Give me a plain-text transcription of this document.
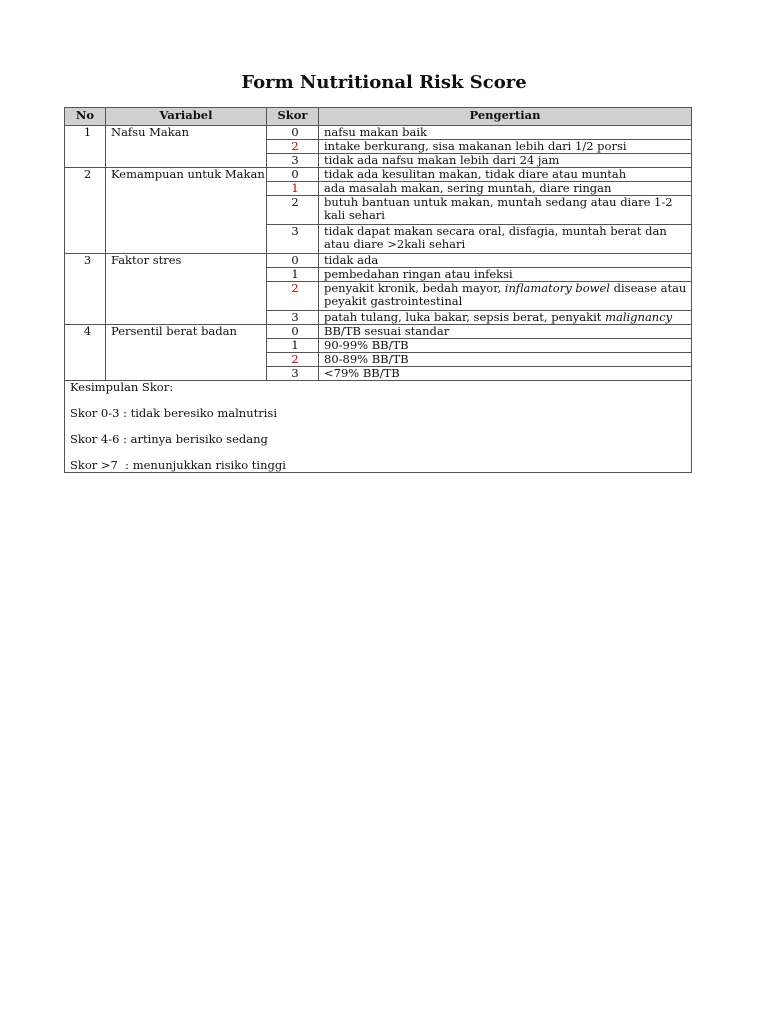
Form Nutritional Risk Score
No	Variabel	Skor	Pengertian
1	Nafsu Makan	0	nafsu makan baik
		2	intake berkurang, sisa makanan lebih dari 1/2 porsi
		3	tidak ada nafsu makan lebih dari 24 jam
2	Kemampuan untuk Makan	0	tidak ada kesulitan makan, tidak diare atau muntah
		1	ada masalah makan, sering muntah, diare ringan
		2	butuh bantuan untuk makan, muntah sedang atau diare 1-2 kali sehari
		3	tidak dapat makan secara oral, disfagia, muntah berat dan atau diare >2kali sehari
3	Faktor stres	0	tidak ada
		1	pembedahan ringan atau infeksi
		2	penyakit kronik, bedah mayor, inflamatory bowel disease atau peyakit gastrointestinal
		3	patah tulang, luka bakar, sepsis berat, penyakit malignancy
4	Persentil berat badan	0	BB/TB sesuai standar
		1	90-99% BB/TB
		2	80-89% BB/TB
		3	<79% BB/TB

Kesimpulan Skor:

Skor 0-3 : tidak beresiko malnutrisi

Skor 4-6 : artinya berisiko sedang

Skor >7  : menunjukkan risiko tinggi			
